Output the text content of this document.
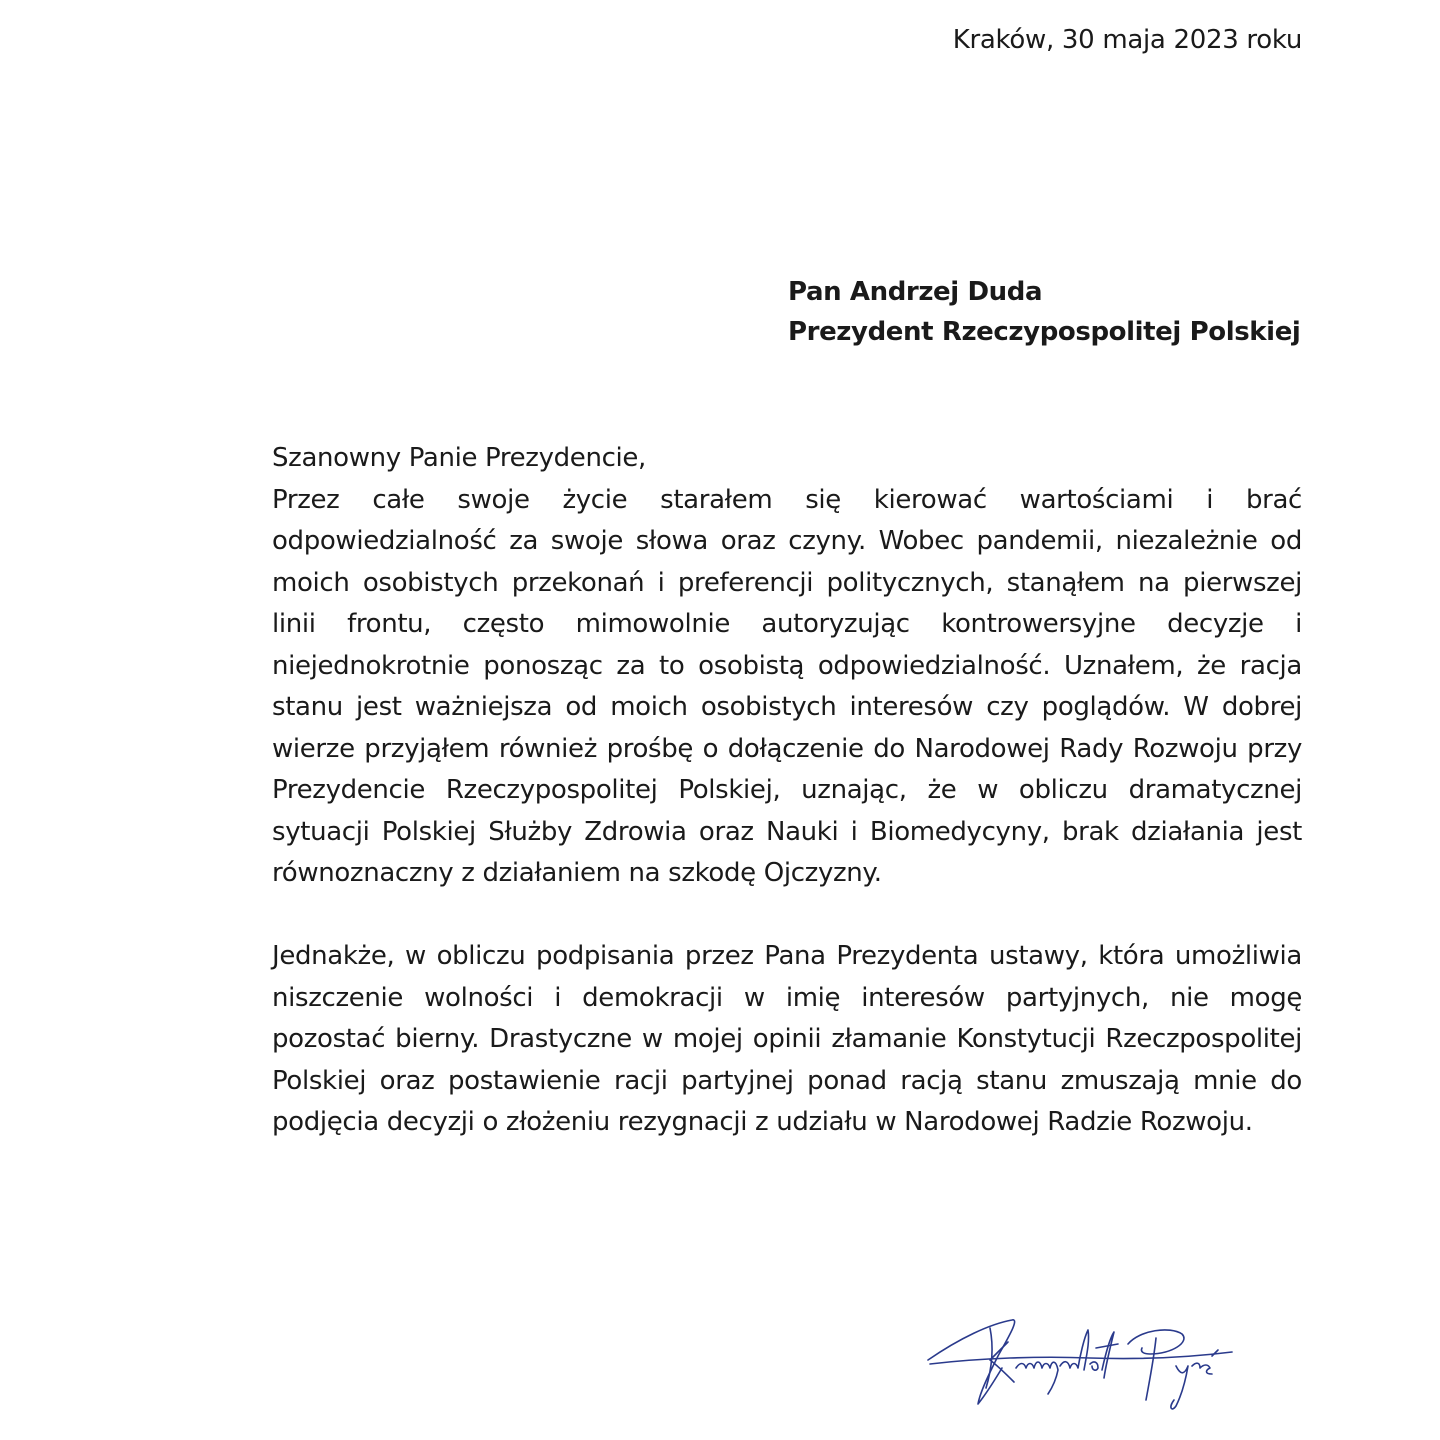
Kraków, 30 maja 2023 roku
Pan Andrzej Duda
Prezydent Rzeczypospolitej Polskiej

Szanowny Panie Prezydencie,

Przez całe swoje życie starałem się kierować wartościami i brać odpowiedzialność za swoje słowa oraz czyny. Wobec pandemii, niezależnie od moich osobistych przekonań i preferencji politycznych, stanąłem na pierwszej linii frontu, często mimowolnie autoryzując kontrowersyjne decyzje i niejednokrotnie ponosząc za to osobistą odpowiedzialność. Uznałem, że racja stanu jest ważniejsza od moich osobistych interesów czy poglądów. W dobrej wierze przyjąłem również prośbę o dołączenie do Narodowej Rady Rozwoju przy Prezydencie Rzeczypospolitej Polskiej, uznając, że w obliczu dramatycznej sytuacji Polskiej Służby Zdrowia oraz Nauki i Biomedycyny, brak działania jest równoznaczny z działaniem na szkodę Ojczyzny.

Jednakże, w obliczu podpisania przez Pana Prezydenta ustawy, która umożliwia niszczenie wolności i demokracji w imię interesów partyjnych, nie mogę pozostać bierny. Drastyczne w mojej opinii złamanie Konstytucji Rzeczpospolitej Polskiej oraz postawienie racji partyjnej ponad racją stanu zmuszają mnie do podjęcia decyzji o złożeniu rezygnacji z udziału w Narodowej Radzie Rozwoju.
